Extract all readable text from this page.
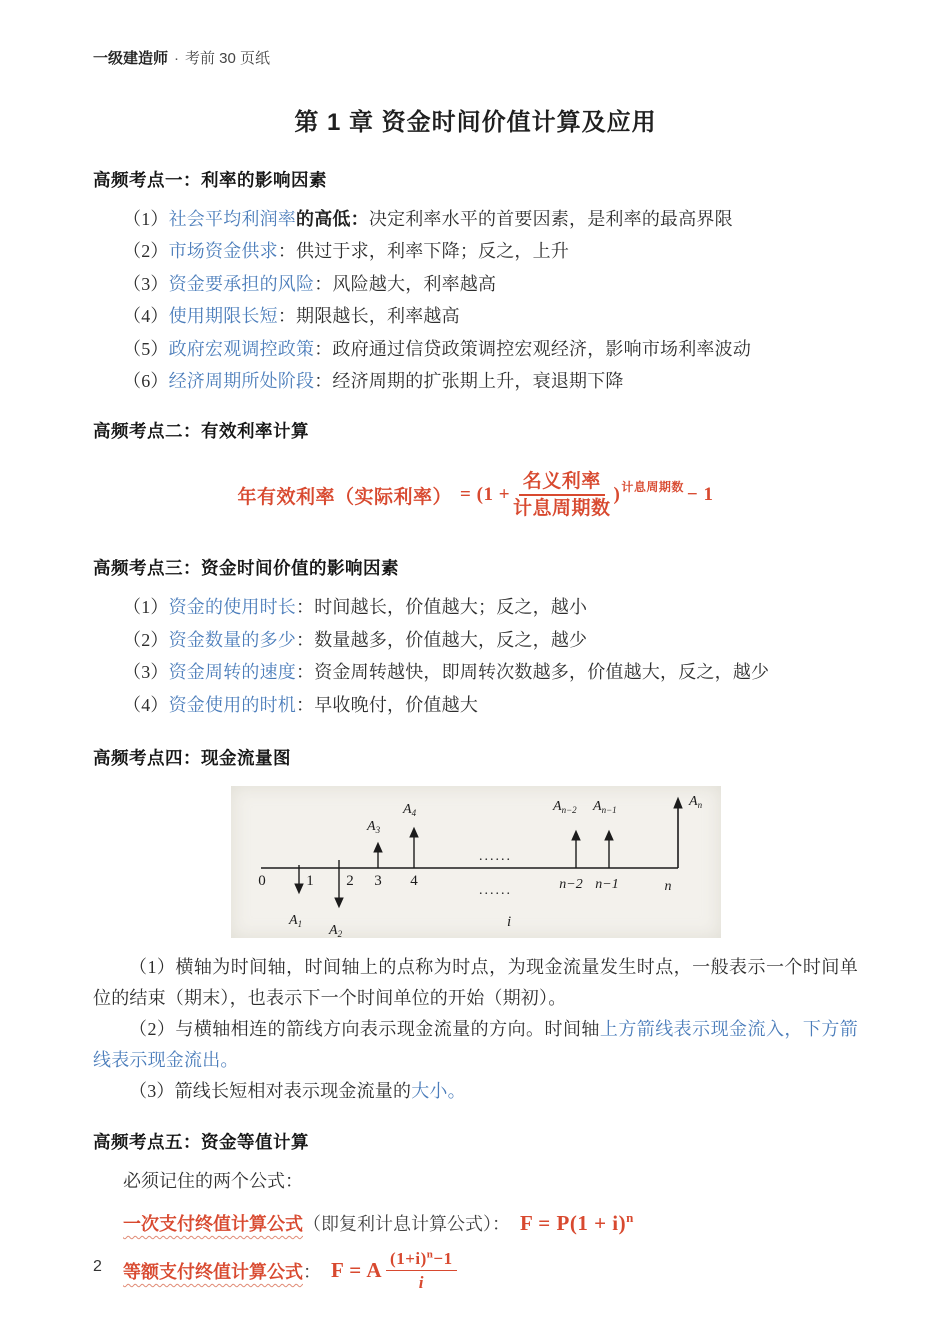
一级建造师 · 考前 30 页纸
第 1 章 资金时间价值计算及应用
高频考点一：利率的影响因素

（1）社会平均利润率的高低：决定利率水平的首要因素，是利率的最高界限

（2）市场资金供求：供过于求，利率下降；反之，上升

（3）资金要承担的风险：风险越大，利率越高

（4）使用期限长短：期限越长，利率越高

（5）政府宏观调控政策：政府通过信贷政策调控宏观经济，影响市场利率波动

（6）经济周期所处阶段：经济周期的扩张期上升，衰退期下降

高频考点二：有效利率计算
年有效利率（实际利率） = $(1 + \frac{\text{名义利率}}{\text{计息周期数}} )^{计息周期数} - 1$
高频考点三：资金时间价值的影响因素

（1）资金的使用时长：时间越长，价值越大；反之，越小

（2）资金数量的多少：数量越多，价值越大，反之，越少

（3）资金周转的速度：资金周转越快，即周转次数越多，价值越大，反之，越少

（4）资金使用的时机：早收晚付，价值越大

高频考点四：现金流量图
0	1 2 3 4	n−2 n−1	n
$A_3$
$A_4$	$A_{n-2}$ $A_{n-1}$
$A_n$
$A_1$ $A_2$
......
......
i

（1）横轴为时间轴，时间轴上的点称为时点，为现金流量发生时点，一般表示一个时间单位的结束（期末），也表示下一个时间单位的开始（期初）。

（2）与横轴相连的箭线方向表示现金流量的方向。时间轴上方箭线表示现金流入，下方箭线表示现金流出。

（3）箭线长短相对表示现金流量的大小。

高频考点五：资金等值计算

必须记住的两个公式：

一次支付终值计算公式 （即复利计息计算公式）： $F = P(1 + i)^n$
等额支付终值计算公式 ： F = A $\frac{(1+i)^n-1}{i}$
2
